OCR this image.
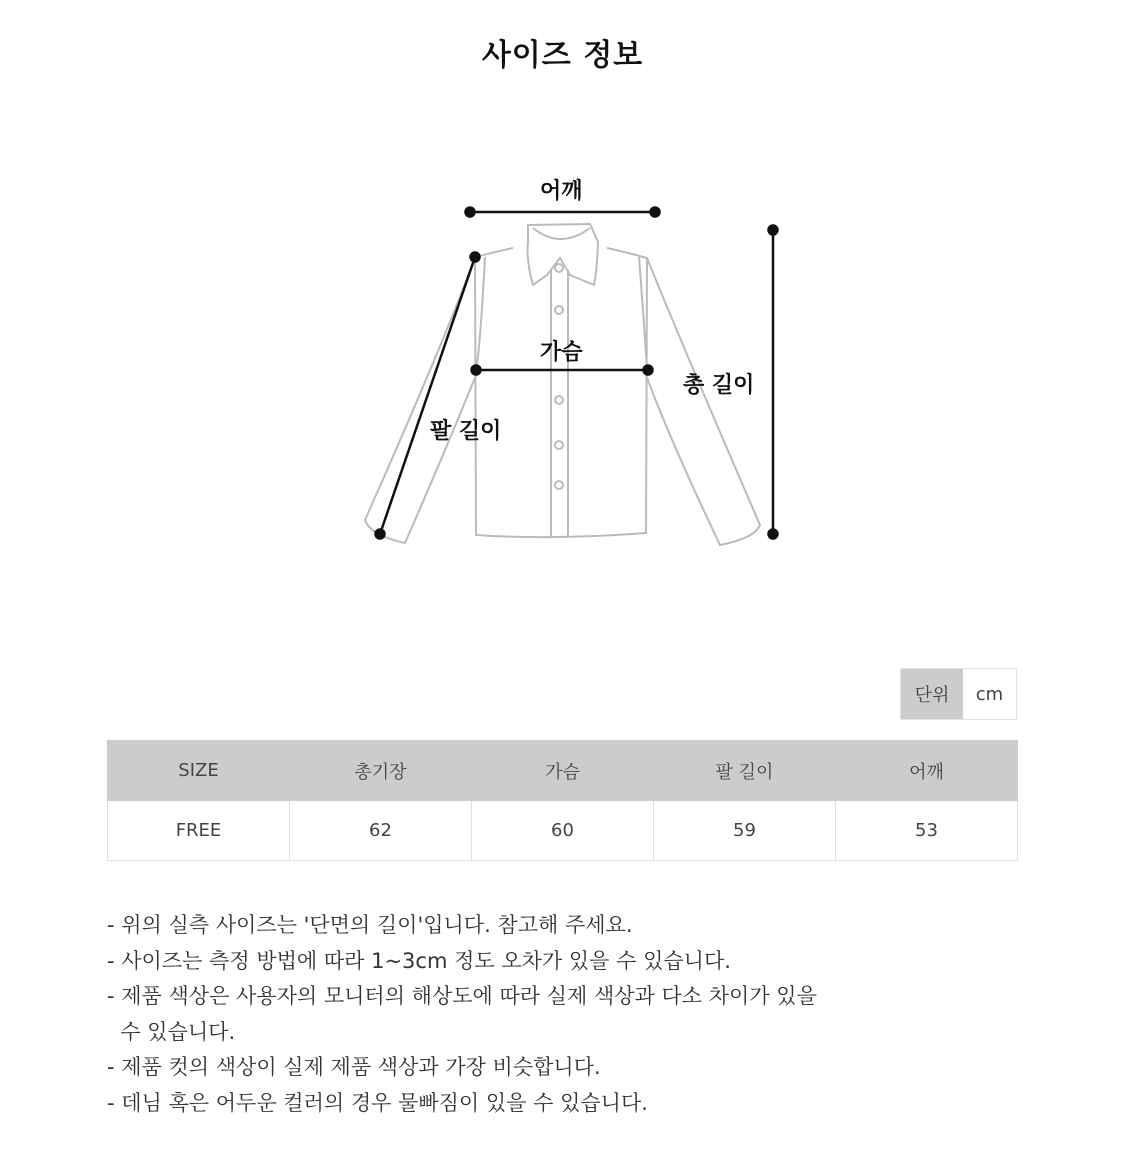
사이즈 정보
어깨
가슴
총 길이
팔 길이
단위	cm
SIZE	총기장	가슴	팔 길이	어깨
FREE	62	60	59	53
- 위의 실측 사이즈는 '단면의 길이'입니다. 참고해 주세요.
- 사이즈는 측정 방법에 따라 1~3cm 정도 오차가 있을 수 있습니다.
- 제품 색상은 사용자의 모니터의 해상도에 따라 실제 색상과 다소 차이가 있을
수 있습니다.
- 제품 컷의 색상이 실제 제품 색상과 가장 비슷합니다.
- 데님 혹은 어두운 컬러의 경우 물빠짐이 있을 수 있습니다.
